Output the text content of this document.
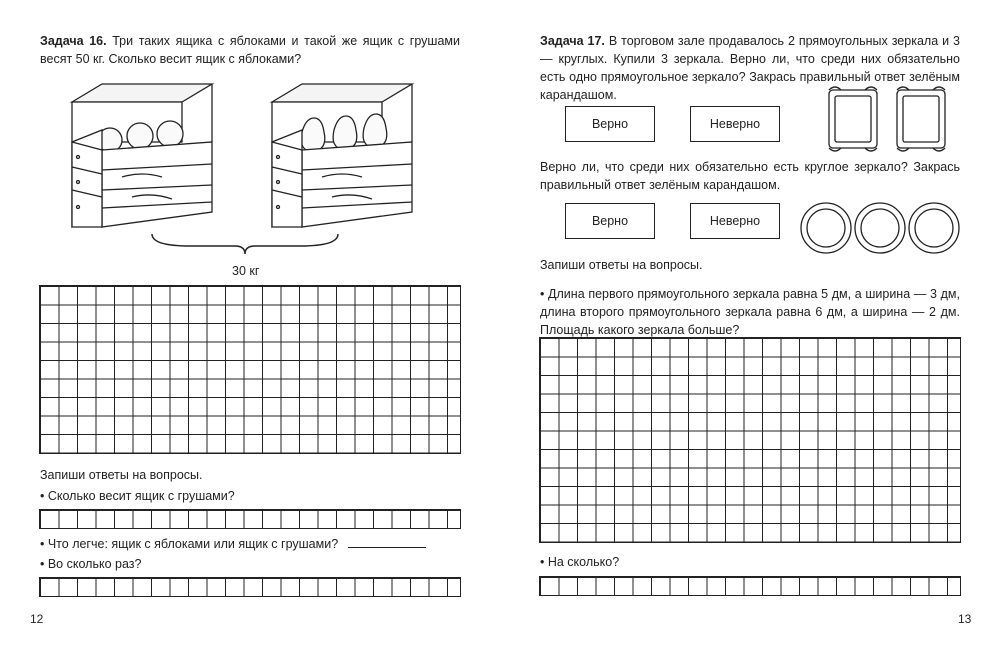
Задача 16. Три таких ящика с яблоками и такой же ящик с грушами весят 50 кг. Сколько весит ящик с яблоками?
30 кг
Запиши ответы на вопросы.
• Сколько весит ящик с грушами?
• Что легче: ящик с яблоками или ящик с грушами?
• Во сколько раз?
12
Задача 17. В торговом зале продавалось 2 прямоугольных зеркала и 3 — круглых. Купили 3 зеркала. Верно ли, что среди них обязательно есть одно прямоугольное зеркало? Закрась правильный ответ зелёным карандашом.
Верно	Неверно
Верно ли, что среди них обязательно есть круглое зеркало? Закрась правильный ответ зелёным карандашом.
Верно	Неверно
Запиши ответы на вопросы.
• Длина первого прямоугольного зеркала равна 5 дм, а ширина — 3 дм, длина второго прямоугольного зеркала равна 6 дм, а ширина — 2 дм. Площадь какого зеркала больше?
• На сколько?
13
